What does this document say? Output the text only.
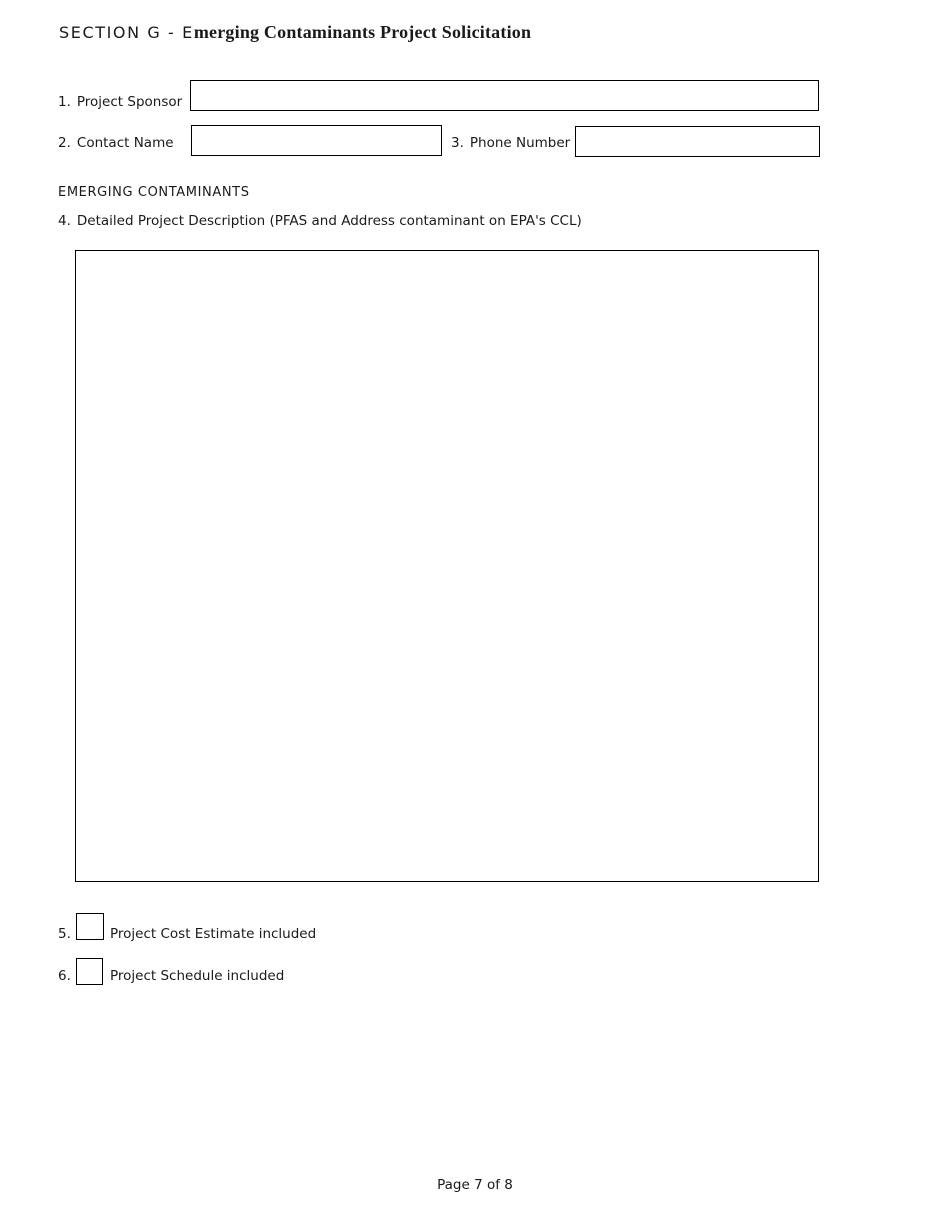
SECTION G - Emerging Contaminants Project Solicitation
1. Project Sponsor
2. Contact Name	3. Phone Number
EMERGING CONTAMINANTS
4. Detailed Project Description (PFAS and Address contaminant on EPA's CCL)
5.	Project Cost Estimate included
6.	Project Schedule included
Page 7 of 8
